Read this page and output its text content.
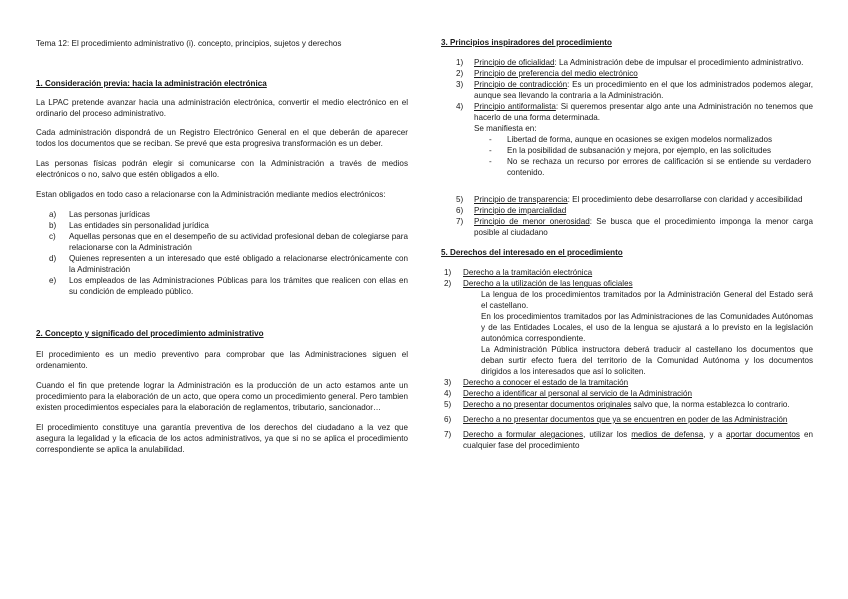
Tema 12: El procedimiento administrativo (i). concepto, principios, sujetos y derechos

1. Consideración previa: hacia la administración electrónica

La LPAC pretende avanzar hacia una administración electrónica, convertir el medio electrónico en el ordinario del proceso administrativo.

Cada administración dispondrá de un Registro Electrónico General en el que deberán de aparecer todos los documentos que se reciban. Se prevé que esta progresiva transformación es un deber.

Las personas físicas podrán elegir si comunicarse con la Administración a través de medios electrónicos o no, salvo que estén obligados a ello.

Estan obligados en todo caso a relacionarse con la Administración mediante medios electrónicos:

a) Las personas jurídicas
b) Las entidades sin personalidad jurídica
c) Aquellas personas que en el desempeño de su actividad profesional deban de colegiarse para relacionarse con la Administración
d) Quienes representen a un interesado que esté obligado a relacionarse electrónicamente con la Administración
e) Los empleados de las Administraciones Públicas para los trámites que realicen con ellas en su condición de empleado público.

2. Concepto y significado del procedimiento administrativo

El procedimiento es un medio preventivo para comprobar que las Administraciones siguen el ordenamiento.

Cuando el fin que pretende lograr la Administración es la producción de un acto estamos ante un procedimiento para la elaboración de un acto, que opera como un procedimiento general. Pero tambien existen procedimientos especiales para la elaboración de reglamentos, tributario, sancionador…

El procedimiento constituye una garantía preventiva de los derechos del ciudadano a la vez que asegura la legalidad y la eficacia de los actos administrativos, ya que si no se aplica el procedimiento correspondiente se aplica la anulabilidad.

3. Principios inspiradores del procedimiento

1) Principio de oficialidad: La Administración debe de impulsar el procedimiento administrativo.
2) Principio de preferencia del medio electrónico
3) Principio de contradicción: Es un procedimiento en el que los administrados podemos alegar, aunque sea llevando la contraria a la Administración.
4) Principio antiformalista: Si queremos presentar algo ante una Administración no tenemos que hacerlo de una forma determinada.
Se manifiesta en:
- Libertad de forma, aunque en ocasiones se exigen modelos normalizados
- En la posibilidad de subsanación y mejora, por ejemplo, en las solicitudes
- No se rechaza un recurso por errores de calificación si se entiende su verdadero contenido.
5) Principio de transparencia: El procedimiento debe desarrollarse con claridad y accesibilidad
6) Principio de imparcialidad
7) Principio de menor onerosidad: Se busca que el procedimiento imponga la menor carga posible al ciudadano

5. Derechos del interesado en el procedimiento

1) Derecho a la tramitación electrónica
2) Derecho a la utilización de las lenguas oficiales
La lengua de los procedimientos tramitados por la Administración General del Estado será el castellano.
En los procedimientos tramitados por las Administraciones de las Comunidades Autónomas y de las Entidades Locales, el uso de la lengua se ajustará a lo previsto en la legislación autonómica correspondiente.
La Administración Pública instructora deberá traducir al castellano los documentos que deban surtir efecto fuera del territorio de la Comunidad Autónoma y los documentos dirigidos a los interesados que así lo soliciten.
3) Derecho a conocer el estado de la tramitación
4) Derecho a identificar al personal al servicio de la Administración
5) Derecho a no presentar documentos originales salvo que, la norma establezca lo contrario.
6) Derecho a no presentar documentos que ya se encuentren en poder de las Administración
7) Derecho a formular alegaciones, utilizar los medios de defensa, y a aportar documentos en cualquier fase del procedimiento
